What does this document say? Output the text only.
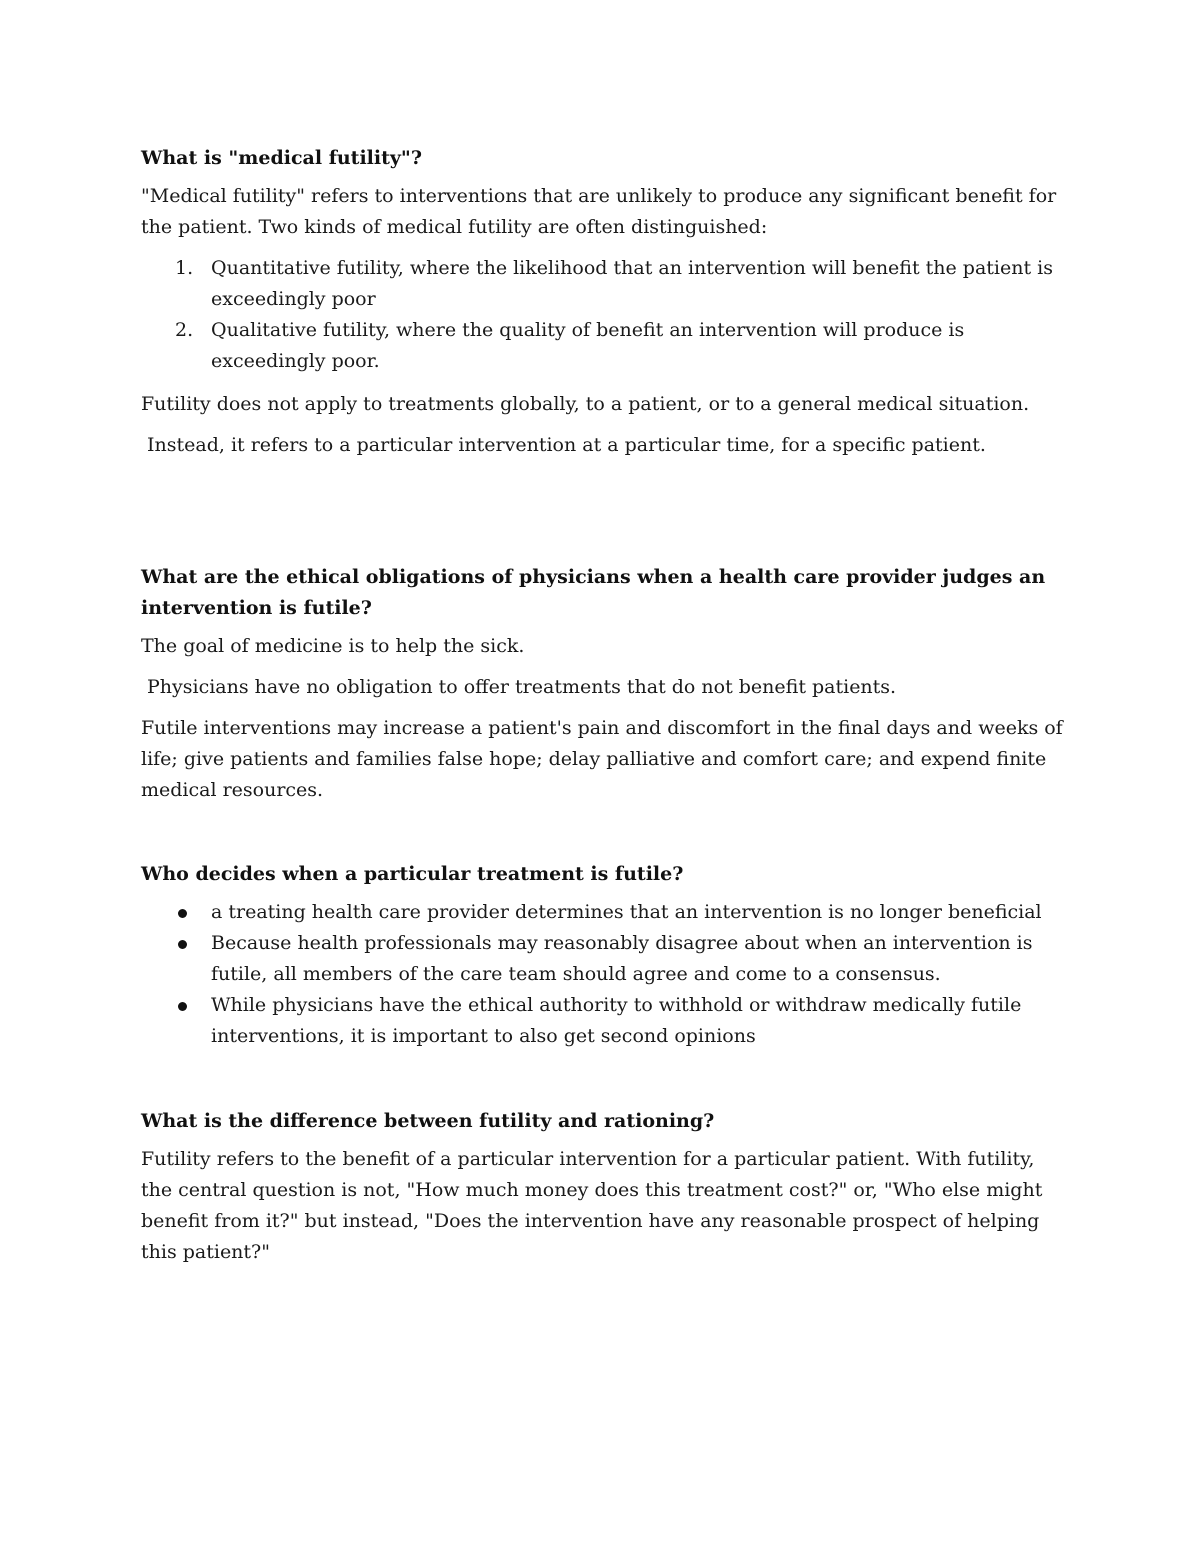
What is "medical futility"?

"Medical futility" refers to interventions that are unlikely to produce any significant benefit for the patient. Two kinds of medical futility are often distinguished:

1. Quantitative futility, where the likelihood that an intervention will benefit the patient is exceedingly poor
2. Qualitative futility, where the quality of benefit an intervention will produce is exceedingly poor.

Futility does not apply to treatments globally, to a patient, or to a general medical situation.

Instead, it refers to a particular intervention at a particular time, for a specific patient.

What are the ethical obligations of physicians when a health care provider judges an intervention is futile?

The goal of medicine is to help the sick.

Physicians have no obligation to offer treatments that do not benefit patients.

Futile interventions may increase a patient's pain and discomfort in the final days and weeks of life; give patients and families false hope; delay palliative and comfort care; and expend finite medical resources.

Who decides when a particular treatment is futile?
a treating health care provider determines that an intervention is no longer beneficial
Because health professionals may reasonably disagree about when an intervention is futile, all members of the care team should agree and come to a consensus.
While physicians have the ethical authority to withhold or withdraw medically futile interventions, it is important to also get second opinions
What is the difference between futility and rationing?

Futility refers to the benefit of a particular intervention for a particular patient. With futility, the central question is not, "How much money does this treatment cost?" or, "Who else might benefit from it?" but instead, "Does the intervention have any reasonable prospect of helping this patient?"
